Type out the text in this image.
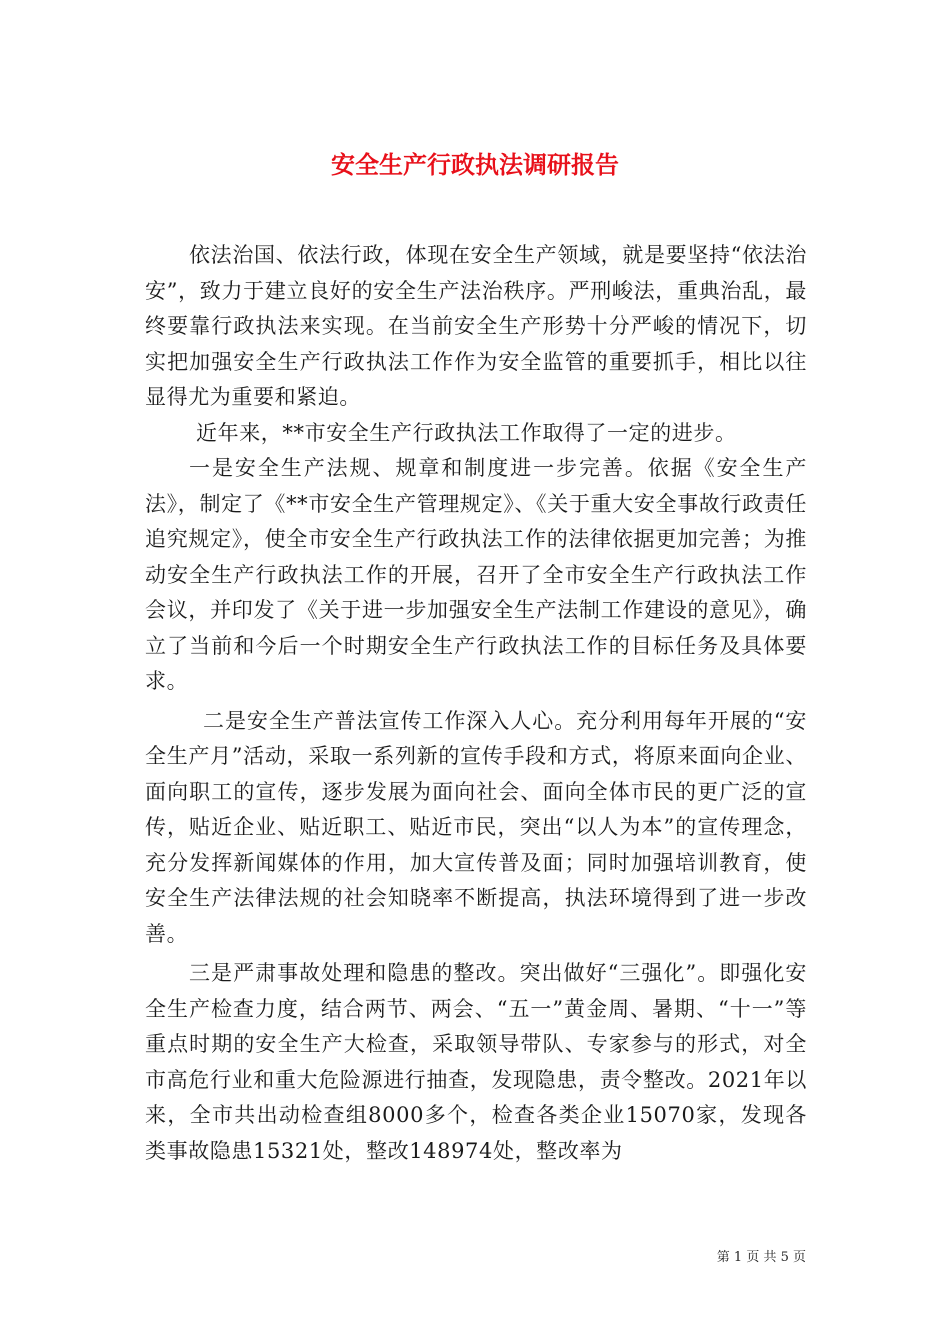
安全生产行政执法调研报告

依法治国、依法行政，体现在安全生产领域，就是要坚持“依法治安”，致力于建立良好的安全生产法治秩序。严刑峻法，重典治乱，最终要靠行政执法来实现。在当前安全生产形势十分严峻的情况下，切实把加强安全生产行政执法工作作为安全监管的重要抓手，相比以往显得尤为重要和紧迫。

近年来，**市安全生产行政执法工作取得了一定的进步。

一是安全生产法规、规章和制度进一步完善。依据《安全生产法》，制定了《**市安全生产管理规定》、《关于重大安全事故行政责任追究规定》，使全市安全生产行政执法工作的法律依据更加完善；为推动安全生产行政执法工作的开展，召开了全市安全生产行政执法工作会议，并印发了《关于进一步加强安全生产法制工作建设的意见》，确立了当前和今后一个时期安全生产行政执法工作的目标任务及具体要求。

二是安全生产普法宣传工作深入人心。充分利用每年开展的“安全生产月”活动，采取一系列新的宣传手段和方式，将原来面向企业、面向职工的宣传，逐步发展为面向社会、面向全体市民的更广泛的宣传，贴近企业、贴近职工、贴近市民，突出“以人为本”的宣传理念，充分发挥新闻媒体的作用，加大宣传普及面；同时加强培训教育，使安全生产法律法规的社会知晓率不断提高，执法环境得到了进一步改善。

三是严肃事故处理和隐患的整改。突出做好“三强化”。即强化安全生产检查力度，结合两节、两会、“五一”黄金周、暑期、“十一”等重点时期的安全生产大检查，采取领导带队、专家参与的形式，对全市高危行业和重大危险源进行抽查，发现隐患，责令整改。2021年以来，全市共出动检查组8000多个，检查各类企业15070家，发现各类事故隐患15321处，整改148974处，整改率为

第 1 页 共 5 页
